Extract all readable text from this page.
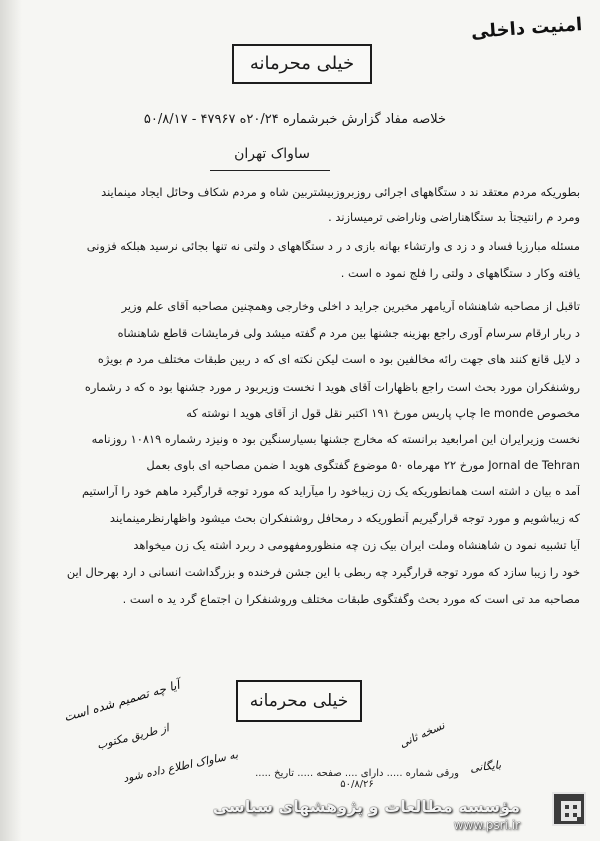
امنیت داخلی
خیلی محرمانه
خلاصه مفاد گزارش خبرشماره ۲۰/۲۴ه ۴۷۹۶۷ - ۵۰/۸/۱۷
ساواک تهران
بطوریکه مردم معتقد ند د ستگاههای اجرائی روزبروزبیشتربین شاه و مردم شکاف وحائل ایجاد مینمایند
ومرد م رانتیجتاً بد ستگاهناراضی وناراضی ترمیسازند .
مسئله مبارزبا فساد و د زد ی وارتشاء بهانه بازی د ر د ستگاههای د ولتی نه تنها بجائی نرسید هبلکه فزونی
یافته وکار د ستگاههای د ولتی را فلج نمود ه است .
تاقبل از مصاحبه شاهنشاه آریامهر مخبرین جراید د اخلی وخارجی وهمچنین مصاحبه آقای علم وزیر
د ربار ارقام سرسام آوری راجع بهزینه جشنها بین مرد م گفته میشد ولی فرمایشات قاطع شاهنشاه
د لایل قانع کنند های جهت رائه مخالفین بود ه است لیکن نکته ای که د ربین طبقات مختلف مرد م بویژه
روشنفکران مورد بحث است راجع باظهارات آقای هوید ا نخست وزیربود ر مورد جشنها بود ه که د رشماره
مخصوص le monde چاپ پاریس مورخ ۱۹۱ اکتبر نقل قول از آقای هوید ا نوشته که
نخست وزیرایران این امرابعید برانسته که مخارج جشنها بسیارسنگین بود ه ونیزد رشماره ۱۰۸۱۹ روزنامه
Jornal de Tehran مورخ ۲۲ مهرماه ۵۰ موضوع گفتگوی هوید ا ضمن مصاحبه ای باوی بعمل
آمد ه بیان د اشته است همانطوریکه یک زن زیباخود را میآراید که مورد توجه قرارگیرد ماهم خود را آراستیم
که زیباشویم و مورد توجه قرارگیریم آنطوریکه د رمحافل روشنفکران بحث میشود واظهارنظرمینمایند
آیا تشبیه نمود ن شاهنشاه وملت ایران بیک زن چه منظورومفهومی د ربرد اشته یک زن میخواهد
خود را زیبا سازد که مورد توجه قرارگیرد چه ربطی با این جشن فرخنده و بزرگداشت انسانی د ارد بهرحال این
مصاحبه مد تی است که مورد بحث وگفتگوی طبقات مختلف وروشنفکرا ن اجتماع گرد ید ه است .
آیا چه تصمیم شده است
از طریق مکتوب
به ساواک اطلاع داده شود
نسخه ثانی
بایگانی
خیلی محرمانه
ورقی شماره ..... دارای .... صفحه ..... تاریخ ..... ۵۰/۸/۲۶
مؤسسه مطالعات و پژوهشهای سیاسی
www.psri.ir
